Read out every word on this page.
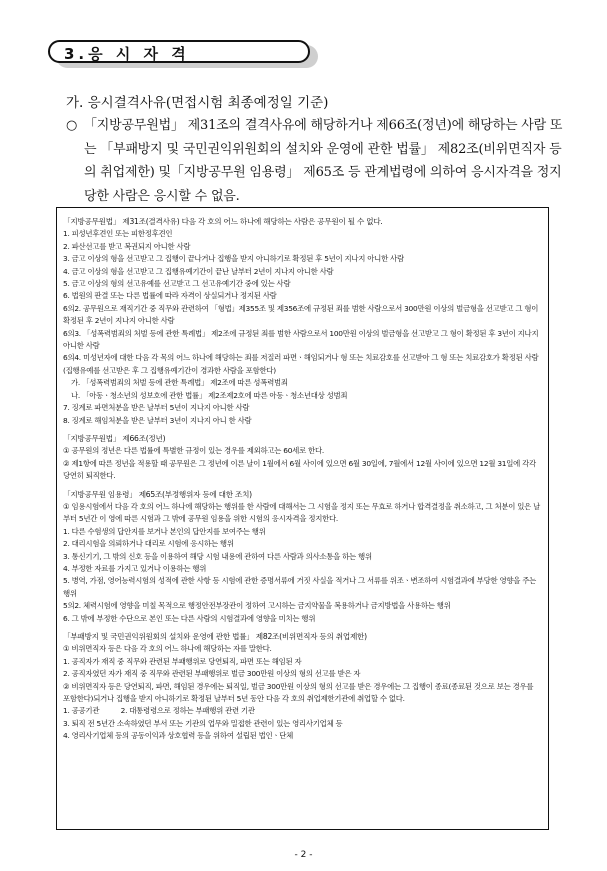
3.응 시 자 격
가. 응시결격사유(면접시험 최종예정일 기준)
○ 「지방공무원법」 제31조의 결격사유에 해당하거나 제66조(정년)에 해당하는 사람 또는 「부패방지 및 국민권익위원회의 설치와 운영에 관한 법률」 제82조(비위면직자 등의 취업제한) 및「지방공무원 임용령」 제65조 등 관계법령에 의하여 응시자격을 정지당한 사람은 응시할 수 없음.

「지방공무원법」 제31조(결격사유) 다음 각 호의 어느 하나에 해당하는 사람은 공무원이 될 수 없다.

1. 피성년후견인 또는 피한정후견인

2. 파산선고를 받고 복권되지 아니한 사람

3. 금고 이상의 형을 선고받고 그 집행이 끝나거나 집행을 받지 아니하기로 확정된 후 5년이 지나지 아니한 사람

4. 금고 이상의 형을 선고받고 그 집행유예기간이 끝난 날부터 2년이 지나지 아니한 사람

5. 금고 이상의 형의 선고유예를 선고받고 그 선고유예기간 중에 있는 사람

6. 법원의 판결 또는 다른 법률에 따라 자격이 상실되거나 정지된 사람

6의2. 공무원으로 재직기간 중 직무와 관련하여 「형법」제355조 및 제356조에 규정된 죄를 범한 사람으로서 300만원 이상의 벌금형을 선고받고 그 형이 확정된 후 2년이 지나지 아니한 사람

6의3. 「성폭력범죄의 처벌 등에 관한 특례법」 제2조에 규정된 죄를 범한 사람으로서 100만원 이상의 벌금형을 선고받고 그 형이 확정된 후 3년이 지나지 아니한 사람

6의4. 미성년자에 대한 다음 각 목의 어느 하나에 해당하는 죄를 저질러 파면ㆍ해임되거나 형 또는 치료감호를 선고받아 그 형 또는 치료감호가 확정된 사람(집행유예를 선고받은 후 그 집행유예기간이 경과한 사람을 포함한다)

가. 「성폭력범죄의 처벌 등에 관한 특례법」 제2조에 따른 성폭력범죄

나. 「아동ㆍ청소년의 성보호에 관한 법률」 제2조제2호에 따른 아동ㆍ청소년대상 성범죄

7. 징계로 파면처분을 받은 날부터 5년이 지나지 아니한 사람

8. 징계로 해임처분을 받은 날부터 3년이 지나지 아니 한 사람

「지방공무원법」 제66조(정년)

① 공무원의 정년은 다른 법률에 특별한 규정이 있는 경우를 제외하고는 60세로 한다.

② 제1항에 따른 정년을 적용할 때 공무원은 그 정년에 이른 날이 1월에서 6월 사이에 있으면 6월 30일에, 7월에서 12월 사이에 있으면 12월 31일에 각각 당연히 퇴직한다.

「지방공무원 임용령」 제65조(부정행위자 등에 대한 조치)

① 임용시험에서 다음 각 호의 어느 하나에 해당하는 행위를 한 사람에 대해서는 그 시험을 정지 또는 무효로 하거나 합격결정을 취소하고, 그 처분이 있은 날부터 5년간 이 영에 따른 시험과 그 밖에 공무원 임용을 위한 시험의 응시자격을 정지한다.

1. 다른 수험생의 답안지를 보거나 본인의 답안지를 보여주는 행위

2. 대리시험을 의뢰하거나 대리로 시험에 응시하는 행위

3. 통신기기, 그 밖의 신호 등을 이용하여 해당 시험 내용에 관하여 다른 사람과 의사소통을 하는 행위

4. 부정한 자료를 가지고 있거나 이용하는 행위

5. 병역, 가점, 영어능력시험의 성적에 관한 사항 등 시험에 관한 증명서류에 거짓 사실을 적거나 그 서류를 위조ㆍ변조하여 시험결과에 부당한 영향을 주는 행위

5의2. 체력시험에 영향을 미칠 목적으로 행정안전부장관이 정하여 고시하는 금지약물을 복용하거나 금지방법을 사용하는 행위

6. 그 밖에 부정한 수단으로 본인 또는 다른 사람의 시험결과에 영향을 미치는 행위

「부패방지 및 국민권익위원회의 설치와 운영에 관한 법률」 제82조(비위면직자 등의 취업제한)

① 비위면직자 등은 다음 각 호의 어느 하나에 해당하는 자를 말한다.

1. 공직자가 재직 중 직무와 관련된 부패행위로 당연퇴직, 파면 또는 해임된 자

2. 공직자였던 자가 재직 중 직무와 관련된 부패행위로 벌금 300만원 이상의 형의 선고를 받은 자

② 비위면직자 등은 당연퇴직, 파면, 해임된 경우에는 퇴직일, 벌금 300만원 이상의 형의 선고를 받은 경우에는 그 집행이 종료(종료된 것으로 보는 경우를 포함한다)되거나 집행을 받지 아니하기로 확정된 날부터 5년 동안 다음 각 호의 취업제한기관에 취업할 수 없다.

1. 공공기관　　　2. 대통령령으로 정하는 부패행위 관련 기관

3. 퇴직 전 5년간 소속하였던 부서 또는 기관의 업무와 밀접한 관련이 있는 영리사기업체 등

4. 영리사기업체 등의 공동이익과 상호협력 등을 위하여 설립된 법인ㆍ단체

- 2 -
